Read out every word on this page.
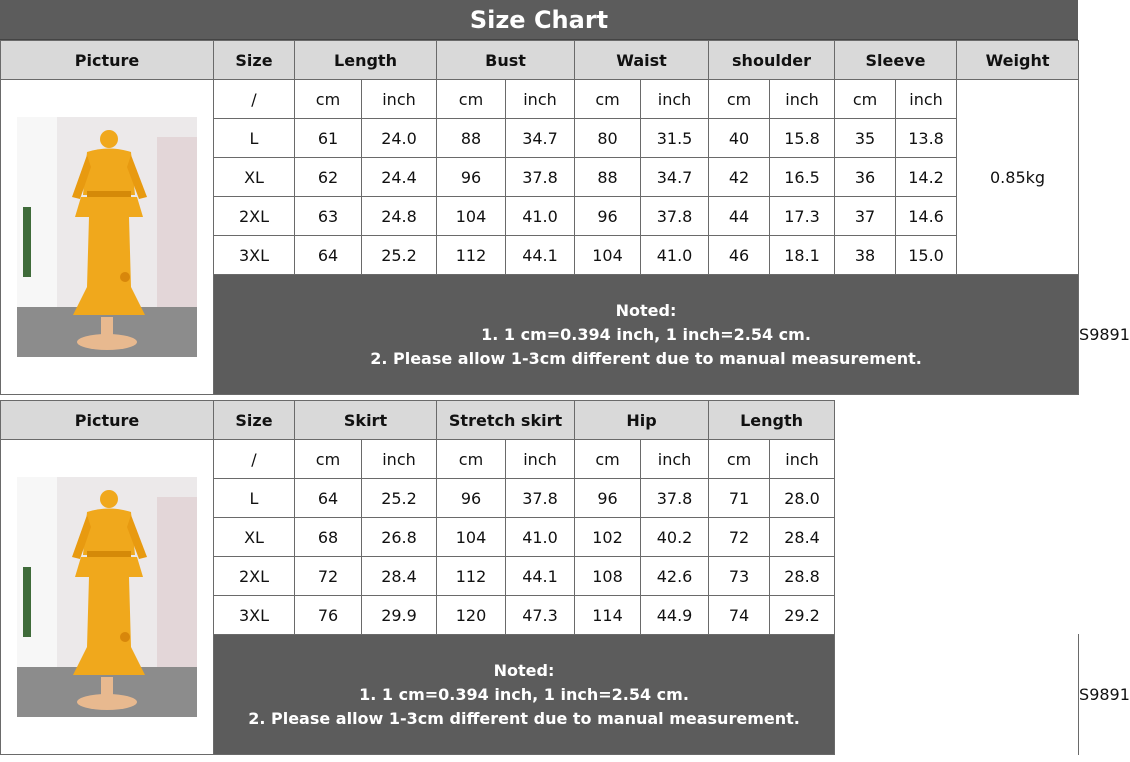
Size Chart
Picture	Size	Length		Bust		Waist		shoulder		Sleeve		Weight	

	/	cm	inch	cm	inch	cm	inch	cm	inch	cm	inch	0.85kg	
	L	61	24.0	88	34.7	80	31.5	40	15.8	35	13.8		
	XL	62	24.4	96	37.8	88	34.7	42	16.5	36	14.2		
	2XL	63	24.8	104	41.0	96	37.8	44	17.3	37	14.6		
	3XL	64	25.2	112	44.1	104	41.0	46	18.1	38	15.0		

	Noted:
1. 1 cm=0.394 inch, 1 inch=2.54 cm.
2. Please allow 1-3cm different due to manual measurement.												

													S9891
Picture	Size	Skirt		Stretch skirt		Hip		Length			

	/	cm	inch	cm	inch	cm	inch	cm	inch		
	L	64	25.2	96	37.8	96	37.8	71	28.0		
	XL	68	26.8	104	41.0	102	40.2	72	28.4		
	2XL	72	28.4	112	44.1	108	42.6	73	28.8		
	3XL	76	29.9	120	47.3	114	44.9	74	29.2		

	Noted:
1. 1 cm=0.394 inch, 1 inch=2.54 cm.
2. Please allow 1-3cm different due to manual measurement.										

											S9891
